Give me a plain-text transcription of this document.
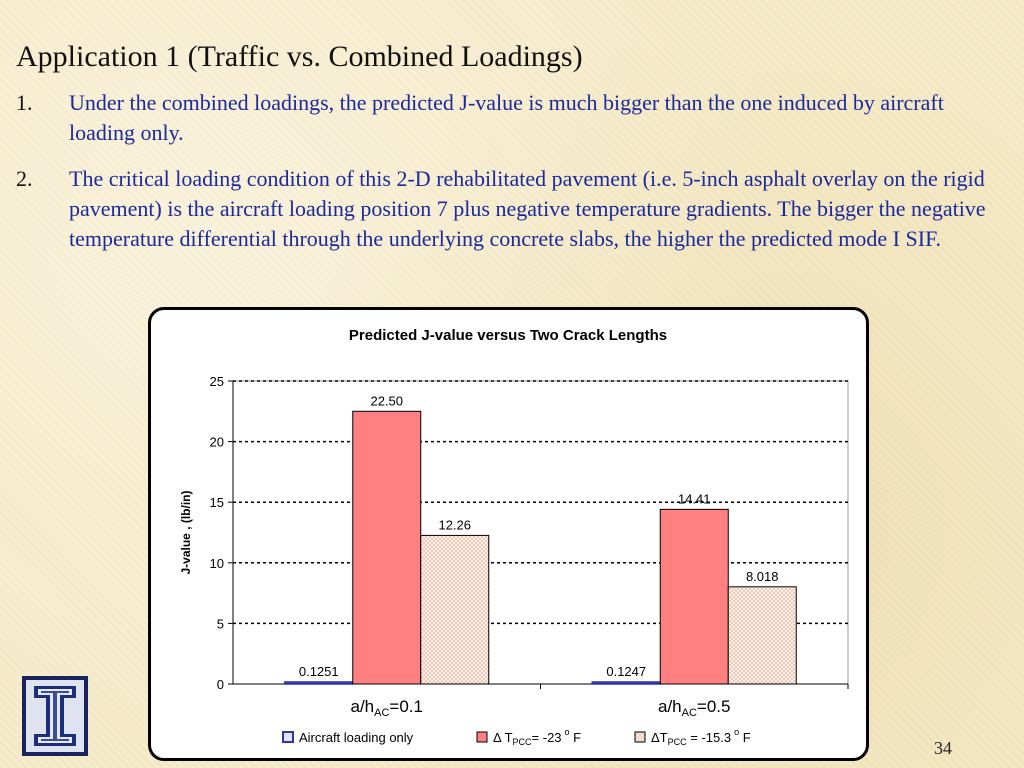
Application 1 (Traffic vs. Combined Loadings)
1.	Under the combined loadings, the predicted J-value is much bigger than the one induced by aircraft loading only.
2.	The critical loading condition of this 2-D rehabilitated pavement (i.e. 5-inch asphalt overlay on the rigid pavement) is the aircraft loading position 7 plus negative temperature gradients. The bigger the negative temperature differential through the underlying concrete slabs, the higher the predicted mode I SIF.
Predicted J-value versus Two Crack Lengths
0
5
10
15
20
25
J-value , (lb/in)
0.1251
22.50
12.26
$a/h_{AC}=0.1$
0.1247
14.41
8.018
$a/h_{AC}=0.5$
Aircraft loading only	Δ $T_{PCC}= -23$ $^o$ F	$\Delta T_{PCC} = -15.3$ $^o$ F
34
